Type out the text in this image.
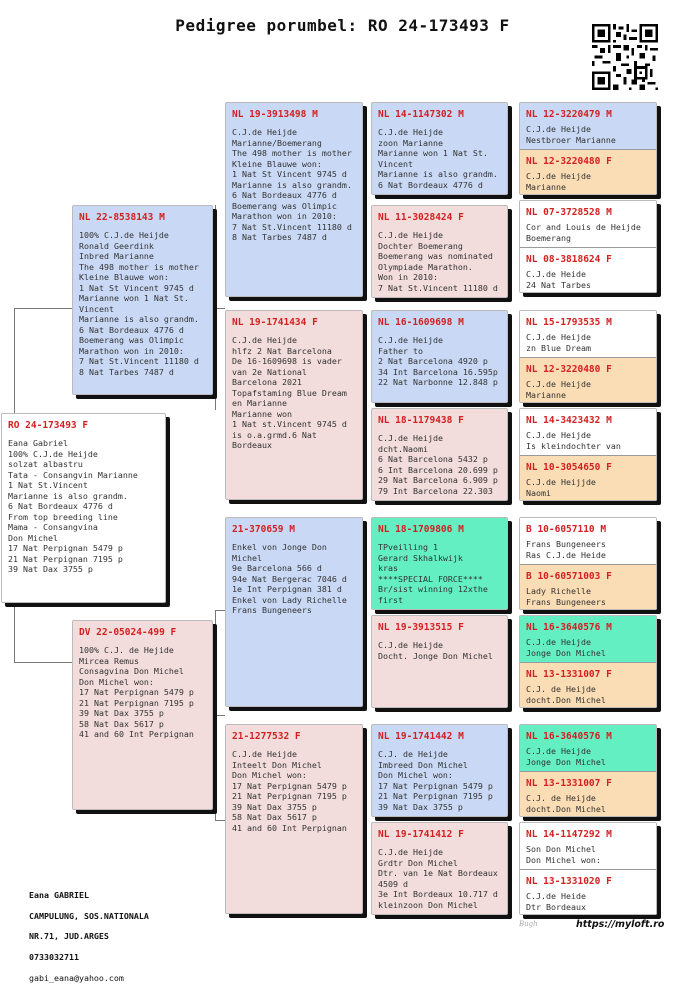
Pedigree porumbel: RO 24-173493 F
RO 24-173493 F
Eana Gabriel
100% C.J.de Heijde
solzat albastru
Tata - Consangvin Marianne
1 Nat St.Vincent
Marianne is also grandm.
6 Nat Bordeaux 4776 d
From top breeding line
Mama - Consangvina
Don Michel
17 Nat Perpignan 5479 p
21 Nat Perpignan 7195 p
39 Nat Dax 3755 p
NL 22-8538143 M
100% C.J.de Heijde
Ronald Geerdink
Inbred Marianne
The 498 mother is mother
Kleine Blauwe won:
1 Nat St Vincent 9745 d
Marianne won 1 Nat St. Vincent
Marianne is also grandm.
6 Nat Bordeaux 4776 d
Boemerang was Olimpic
Marathon won in 2010:
7 Nat St.Vincent 11180 d
8 Nat Tarbes 7487 d
DV 22-05024-499 F
100% C.J. de Hejide
Mircea Remus
Consagvina Don Michel
Don Michel won:
17 Nat Perpignan 5479 p
21 Nat Perpignan 7195 p
39 Nat Dax 3755 p
58 Nat Dax 5617 p
41 and 60 Int Perpignan
NL 19-3913498 M
C.J.de Heijde
Marianne/Boemerang
The 498 mother is mother
Kleine Blauwe won:
1 Nat St Vincent 9745 d
Marianne is also grandm.
6 Nat Bordeaux 4776 d
Boemerang was Olimpic
Marathon won in 2010:
7 Nat St.Vincent 11180 d
8 Nat Tarbes 7487 d
NL 19-1741434 F
C.J.de Heijde
hlfz 2 Nat Barcelona
De 16-1609698 is vader
van 2e National
Barcelona 2021
Topafstaming Blue Dream
en Marianne
Marianne won
1 Nat st.Vincent 9745 d
is o.a.grmd.6 Nat
Bordeaux
21-370659 M
Enkel von Jonge Don Michel
9e Barcelona 566 d
94e Nat Bergerac 7046 d
1e Int Perpignan 381 d
Enkel von Lady Richelle
Frans Bungeneers
21-1277532 F
C.J.de Heijde
Inteelt Don Michel
Don Michel won:
17 Nat Perpignan 5479 p
21 Nat Perpignan 7195 p
39 Nat Dax 3755 p
58 Nat Dax 5617 p
41 and 60 Int Perpignan
NL 14-1147302 M
C.J.de Heijde
zoon Marianne
Marianne won 1 Nat St. Vincent
Marianne is also grandm.
6 Nat Bordeaux 4776 d
NL 11-3028424 F
C.J.de Heijde
Dochter Boemerang
Boemerang was nominated
Olympiade Marathon.
Won in 2010:
7 Nat St.Vincent 11180 d
NL 16-1609698 M
C.J.de Heijde
Father to
2 Nat Barcelona 4920 p
34 Int Barcelona 16.595p
22 Nat Narbonne 12.848 p
NL 18-1179438 F
C.J.de Heijde
dcht.Naomi
6 Nat Barcelona 5432 p
6 Int Barcelona 20.699 p
29 Nat Barcelona 6.909 p
79 Int Barcelona 22.303
NL 18-1709806 M
TPveilling 1
Gerard Skhalkwijk
kras
****SPECIAL FORCE****
Br/sist winning 12xthe
first
NL 19-3913515 F
C.J.de Heijde
Docht. Jonge Don Michel
NL 19-1741442 M
C.J. de Heijde
Imbreed Don Michel
Don Michel won:
17 Nat Perpignan 5479 p
21 Nat Perpignan 7195 p
39 Nat Dax 3755 p
NL 19-1741412 F
C.J.de Heijde
Grdtr Don Michel
Dtr. van 1e Nat Bordeaux 4509 d
3e Int Bordeaux 10.717 d
kleinzoon Don Michel
NL 12-3220479 M
C.J.de Heijde
Nestbroer Marianne
NL 12-3220480 F
C.J.de Heijde
Marianne
NL 07-3728528 M
Cor and Louis de Heijde
Boemerang
NL 08-3818624 F
C.J.de Heide
24 Nat Tarbes
NL 15-1793535 M
C.J.de Heijde
zn Blue Dream
NL 12-3220480 F
C.J.de Heijde
Marianne
NL 14-3423432 M
C.J.de Heijde
Is kleindochter van
NL 10-3054650 F
C.J.de Heijjde
Naomi
B 10-6057110 M
Frans Bungeneers
Ras C.J.de Heide
B 10-60571003 F
Lady Richelle
Frans Bungeneers
NL 16-3640576 M
C.J.de Heijde
Jonge Don Michel
NL 13-1331007 F
C.J. de Heijde
docht.Don Michel
NL 16-3640576 M
C.J.de Heijde
Jonge Don Michel
NL 13-1331007 F
C.J. de Heijde
docht.Don Michel
NL 14-1147292 M
Son Don Michel
Don Michel won:
NL 13-1331020 F
C.J.de Heide
Dtr Bordeaux

Eana GABRIEL

CAMPULUNG, SOS.NATIONALA

NR.71, JUD.ARGES

0733032711

gabi_eana@yahoo.com

Bugh	https://myloft.ro
